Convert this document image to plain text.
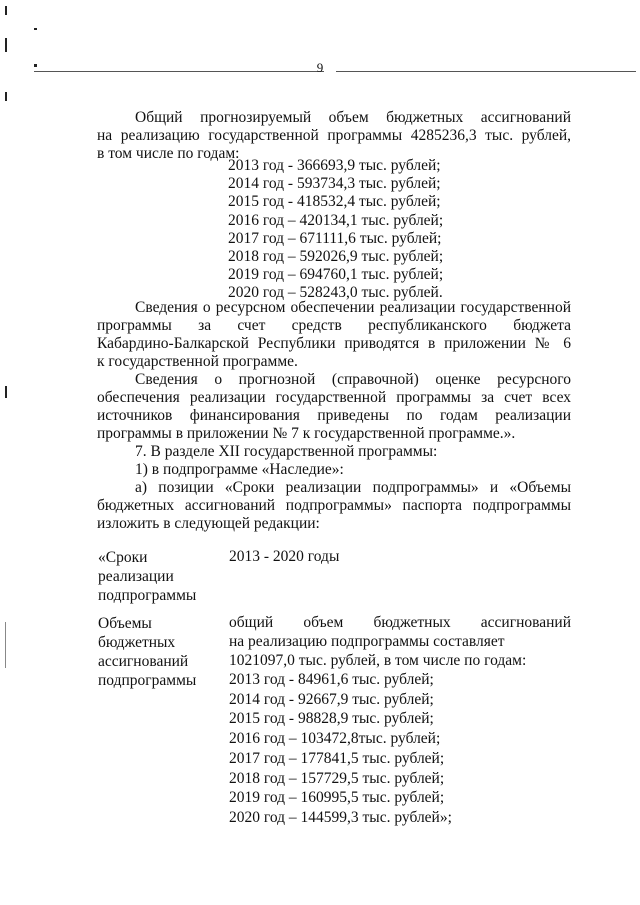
9
Общий прогнозируемый объем бюджетных ассигнований
на реализацию государственной программы 4285236,3 тыс. рублей,
в том числе по годам:
2013 год - 366693,9 тыс. рублей;
2014 год - 593734,3 тыс. рублей;
2015 год - 418532,4 тыс. рублей;
2016 год – 420134,1 тыс. рублей;
2017 год – 671111,6 тыс. рублей;
2018 год – 592026,9 тыс. рублей;
2019 год – 694760,1 тыс. рублей;
2020 год – 528243,0 тыс. рублей.
Сведения о ресурсном обеспечении реализации государственной
программы за счет средств республиканского бюджета
Кабардино-Балкарской Республики приводятся в приложении № 6
к государственной программе.
Сведения о прогнозной (справочной) оценке ресурсного
обеспечения реализации государственной программы за счет всех
источников финансирования приведены по годам реализации
программы в приложении № 7 к государственной программе.».
7. В разделе XII государственной программы:
1) в подпрограмме «Наследие»:
а) позиции «Сроки реализации подпрограммы» и «Объемы
бюджетных ассигнований подпрограммы» паспорта подпрограммы
изложить в следующей редакции:
«Сроки
реализации
подпрограммы
2013 - 2020 годы
Объемы
бюджетных
ассигнований
подпрограммы
общий объем бюджетных ассигнований
на реализацию подпрограммы составляет
1021097,0 тыс. рублей, в том числе по годам:
2013 год - 84961,6 тыс. рублей;
2014 год - 92667,9 тыс. рублей;
2015 год - 98828,9 тыс. рублей;
2016 год – 103472,8тыс. рублей;
2017 год – 177841,5 тыс. рублей;
2018 год – 157729,5 тыс. рублей;
2019 год – 160995,5 тыс. рублей;
2020 год – 144599,3 тыс. рублей»;
